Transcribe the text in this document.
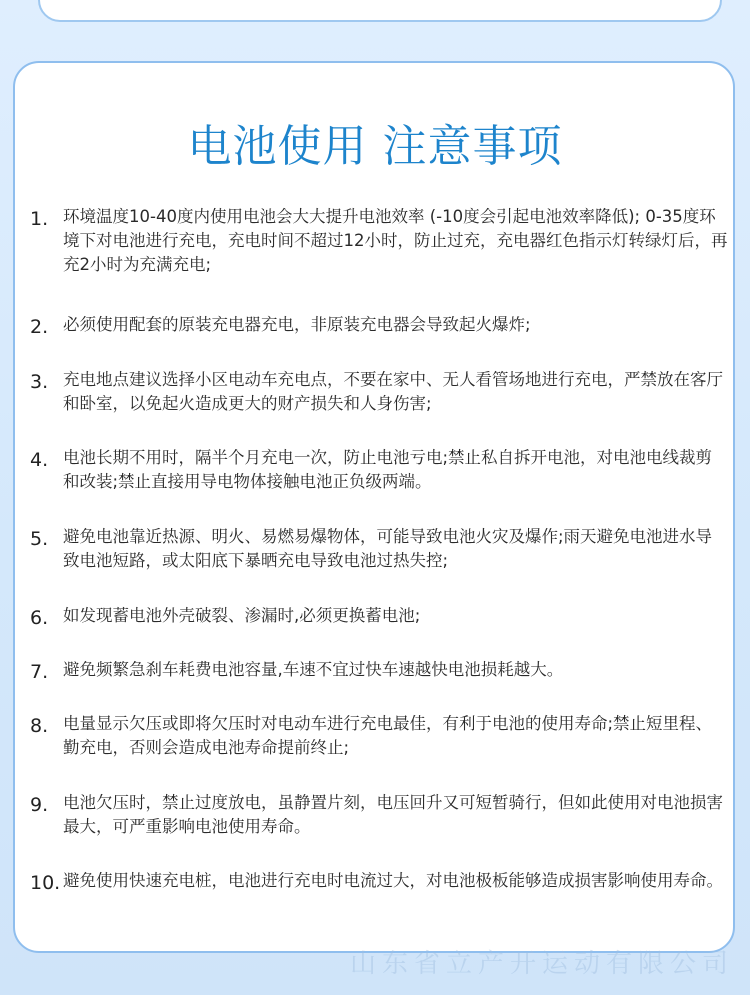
电池使用 注意事项
1. 环境温度10-40度内使用电池会大大提升电池效率 (-10度会引起电池效率降低); 0-35度环境下对电池进行充电，充电时间不超过12小时，防止过充，充电器红色指示灯转绿灯后，再充2小时为充满充电;
2. 必须使用配套的原装充电器充电，非原装充电器会导致起火爆炸;
3. 充电地点建议选择小区电动车充电点，不要在家中、无人看管场地进行充电，严禁放在客厅和卧室，以免起火造成更大的财产损失和人身伤害;
4. 电池长期不用时，隔半个月充电一次，防止电池亏电;禁止私自拆开电池，对电池电线裁剪和改装;禁止直接用导电物体接触电池正负级两端。
5. 避免电池靠近热源、明火、易燃易爆物体，可能导致电池火灾及爆作;雨天避免电池进水导致电池短路，或太阳底下暴晒充电导致电池过热失控;
6. 如发现蓄电池外壳破裂、渗漏时,必须更换蓄电池;
7. 避免频繁急刹车耗费电池容量,车速不宜过快车速越快电池损耗越大。
8. 电量显示欠压或即将欠压时对电动车进行充电最佳，有利于电池的使用寿命;禁止短里程、勤充电，否则会造成电池寿命提前终止;
9. 电池欠压时，禁止过度放电，虽静置片刻，电压回升又可短暂骑行，但如此使用对电池损害最大，可严重影响电池使用寿命。
10. 避免使用快速充电桩，电池进行充电时电流过大，对电池极板能够造成损害影响使用寿命。
山东省立产开运动有限公司
